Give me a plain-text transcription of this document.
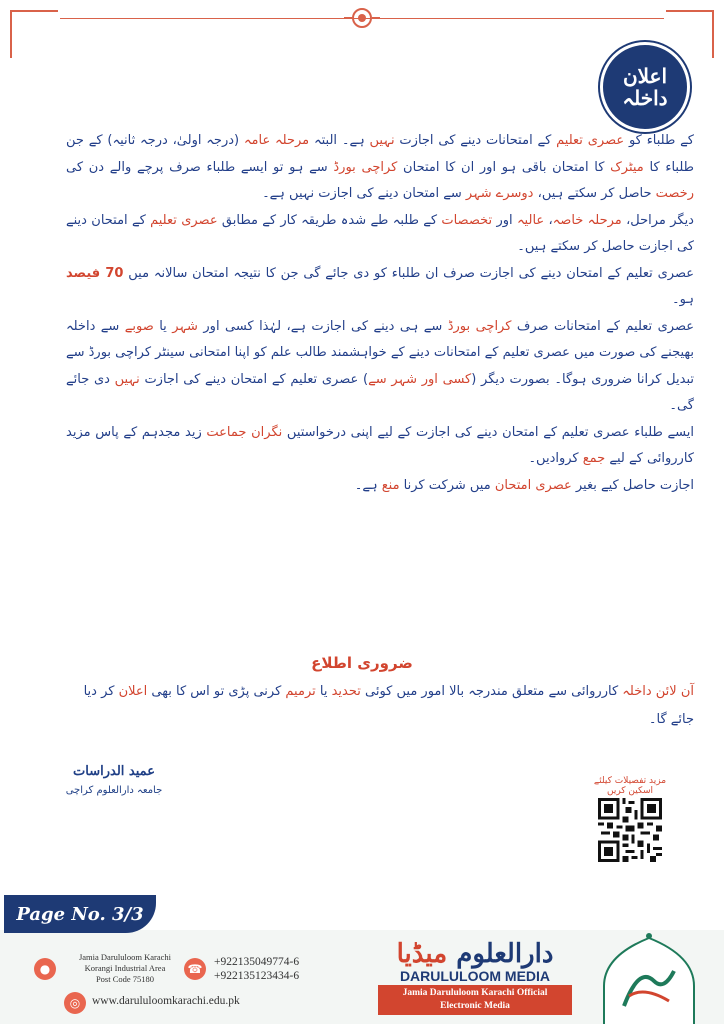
اعلان
داخلہ

کے طلباء کو عصری تعلیم کے امتحانات دینے کی اجازت نہیں ہے۔ البتہ مرحلہ عامہ (درجہ اولیٰ، درجہ ثانیہ) کے جن طلباء کا میٹرک کا امتحان باقی ہو اور ان کا امتحان کراچی بورڈ سے ہو تو ایسے طلباء صرف پرچے والے دن کی رخصت حاصل کر سکتے ہیں، دوسرے شہر سے امتحان دینے کی اجازت نہیں ہے۔

دیگر مراحل، مرحلہ خاصہ، عالیہ اور تخصصات کے طلبہ طے شدہ طریقہ کار کے مطابق عصری تعلیم کے امتحان دینے کی اجازت حاصل کر سکتے ہیں۔

عصری تعلیم کے امتحان دینے کی اجازت صرف ان طلباء کو دی جائے گی جن کا نتیجہ امتحان سالانہ میں 70 فیصد ہو۔

عصری تعلیم کے امتحانات صرف کراچی بورڈ سے ہی دینے کی اجازت ہے، لہٰذا کسی اور شہر یا صوبے سے داخلہ بھیجنے کی صورت میں عصری تعلیم کے امتحانات دینے کے خواہشمند طالب علم کو اپنا امتحانی سینٹر کراچی بورڈ سے تبدیل کرانا ضروری ہوگا۔ بصورت دیگر (کسی اور شہر سے) عصری تعلیم کے امتحان دینے کی اجازت نہیں دی جائے گی۔

ایسے طلباء عصری تعلیم کے امتحان دینے کی اجازت کے لیے اپنی درخواستیں نگران جماعت زید مجدہم کے پاس مزید کارروائی کے لیے جمع کروادیں۔

اجازت حاصل کیے بغیر عصری امتحان میں شرکت کرنا منع ہے۔

ضروری اطلاع
آن لائن داخلہ کارروائی سے متعلق مندرجہ بالا امور میں کوئی تحدید یا ترمیم کرنی پڑی تو اس کا بھی اعلان کر دیا جائے گا۔
عمید الدراسات
جامعہ دارالعلوم کراچی
مزید تفصیلات کیلئے اسکین کریں
Page No. 3/3
●
Jamia Darululoom Karachi
Korangi Industrial Area
Post Code 75180
☎	+922135049774-6
+922135123434-6
◎	www.darululoomkarachi.edu.pk
دارالعلوم میڈیا
DARULULOOM MEDIA
Jamia Darululoom Karachi Official
Electronic Media
